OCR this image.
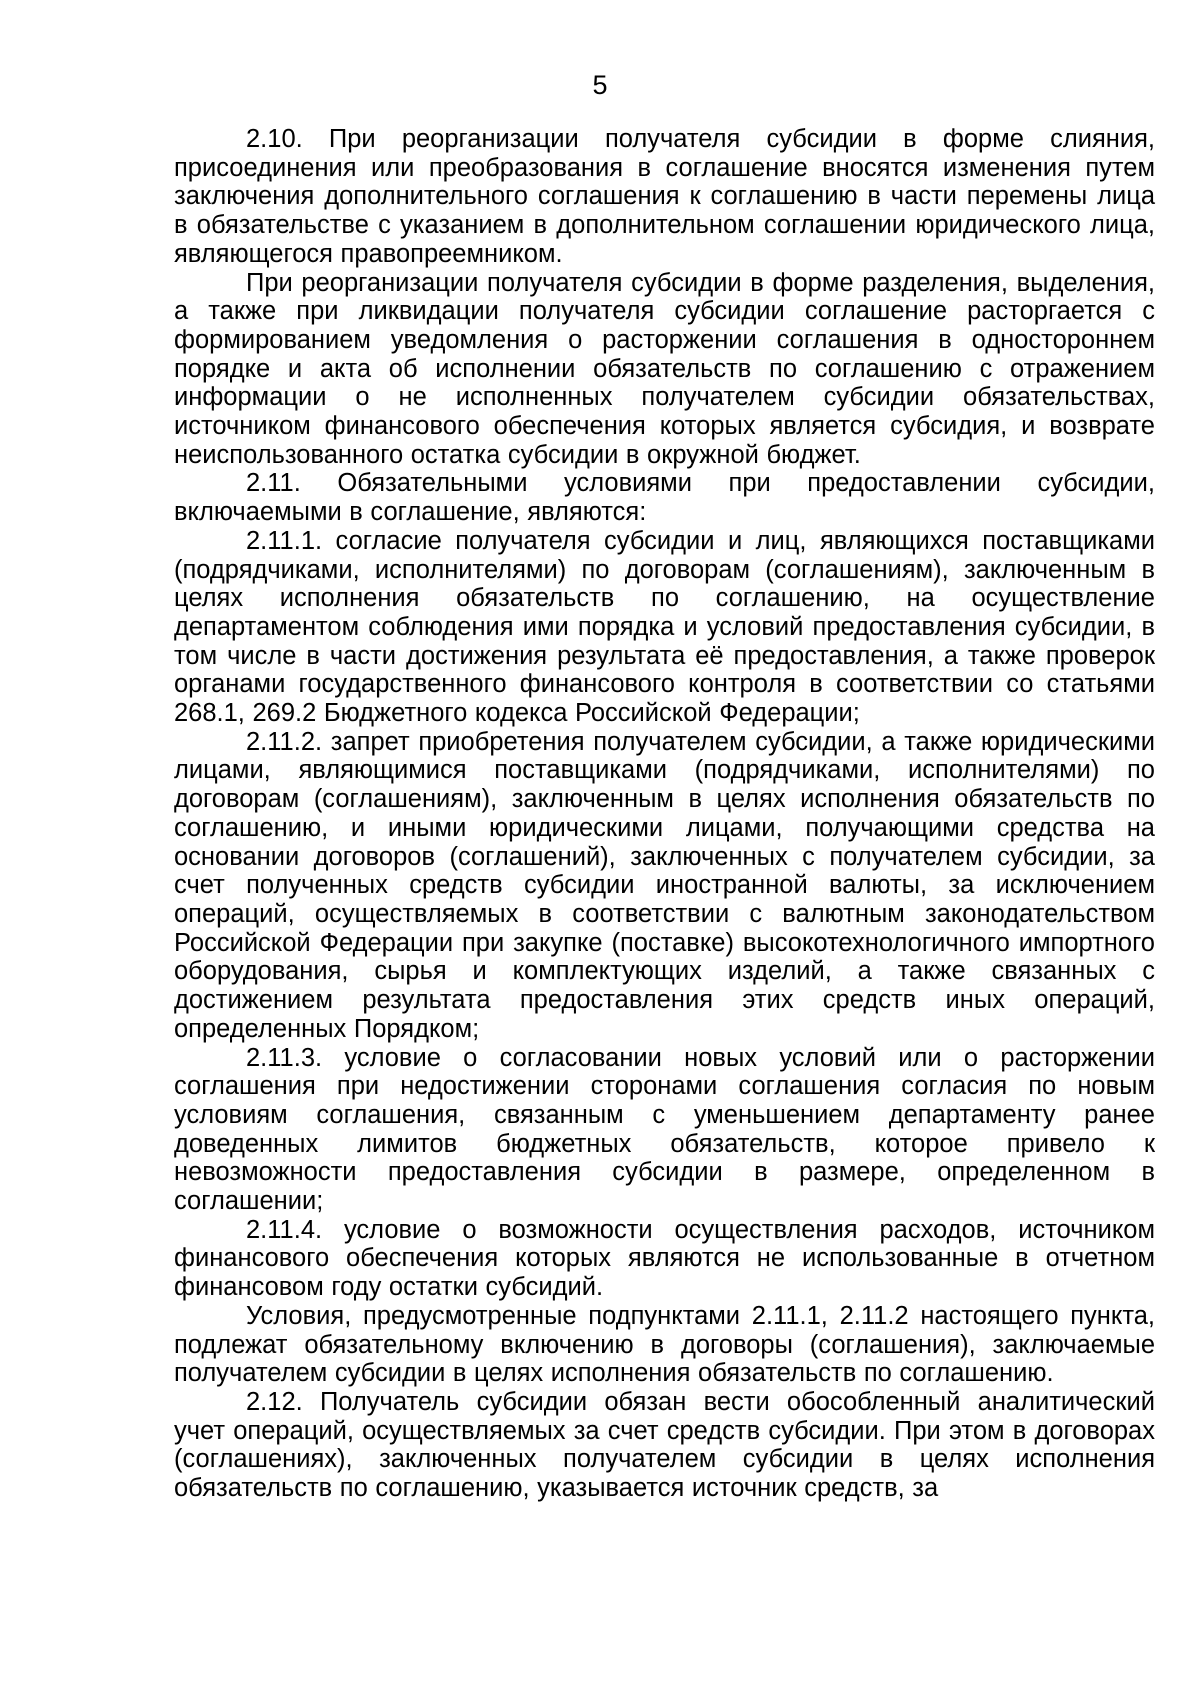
5

2.10. При реорганизации получателя субсидии в форме слияния, присоединения или преобразования в соглашение вносятся изменения путем заключения дополнительного соглашения к соглашению в части перемены лица в обязательстве с указанием в дополнительном соглашении юридического лица, являющегося правопреемником.

При реорганизации получателя субсидии в форме разделения, выделения, а также при ликвидации получателя субсидии соглашение расторгается с формированием уведомления о расторжении соглашения в одностороннем порядке и акта об исполнении обязательств по соглашению с отражением информации о не исполненных получателем субсидии обязательствах, источником финансового обеспечения которых является субсидия, и возврате неиспользованного остатка субсидии в окружной бюджет.

2.11. Обязательными условиями при предоставлении субсидии, включаемыми в соглашение, являются:

2.11.1. согласие получателя субсидии и лиц, являющихся поставщиками (подрядчиками, исполнителями) по договорам (соглашениям), заключенным в целях исполнения обязательств по соглашению, на осуществление департаментом соблюдения ими порядка и условий предоставления субсидии, в том числе в части достижения результата её предоставления, а также проверок органами государственного финансового контроля в соответствии со статьями 268.1, 269.2 Бюджетного кодекса Российской Федерации;

2.11.2. запрет приобретения получателем субсидии, а также юридическими лицами, являющимися поставщиками (подрядчиками, исполнителями) по договорам (соглашениям), заключенным в целях исполнения обязательств по соглашению, и иными юридическими лицами, получающими средства на основании договоров (соглашений), заключенных с получателем субсидии, за счет полученных средств субсидии иностранной валюты, за исключением операций, осуществляемых в соответствии с валютным законодательством Российской Федерации при закупке (поставке) высокотехнологичного импортного оборудования, сырья и комплектующих изделий, а также связанных с достижением результата предоставления этих средств иных операций, определенных Порядком;

2.11.3. условие о согласовании новых условий или о расторжении соглашения при недостижении сторонами соглашения согласия по новым условиям соглашения, связанным с уменьшением департаменту ранее доведенных лимитов бюджетных обязательств, которое привело к невозможности предоставления субсидии в размере, определенном в соглашении;

2.11.4. условие о возможности осуществления расходов, источником финансового обеспечения которых являются не использованные в отчетном финансовом году остатки субсидий.

Условия, предусмотренные подпунктами 2.11.1, 2.11.2 настоящего пункта, подлежат обязательному включению в договоры (соглашения), заключаемые получателем субсидии в целях исполнения обязательств по соглашению.

2.12. Получатель субсидии обязан вести обособленный аналитический учет операций, осуществляемых за счет средств субсидии. При этом в договорах (соглашениях), заключенных получателем субсидии в целях исполнения обязательств по соглашению, указывается источник средств, за
